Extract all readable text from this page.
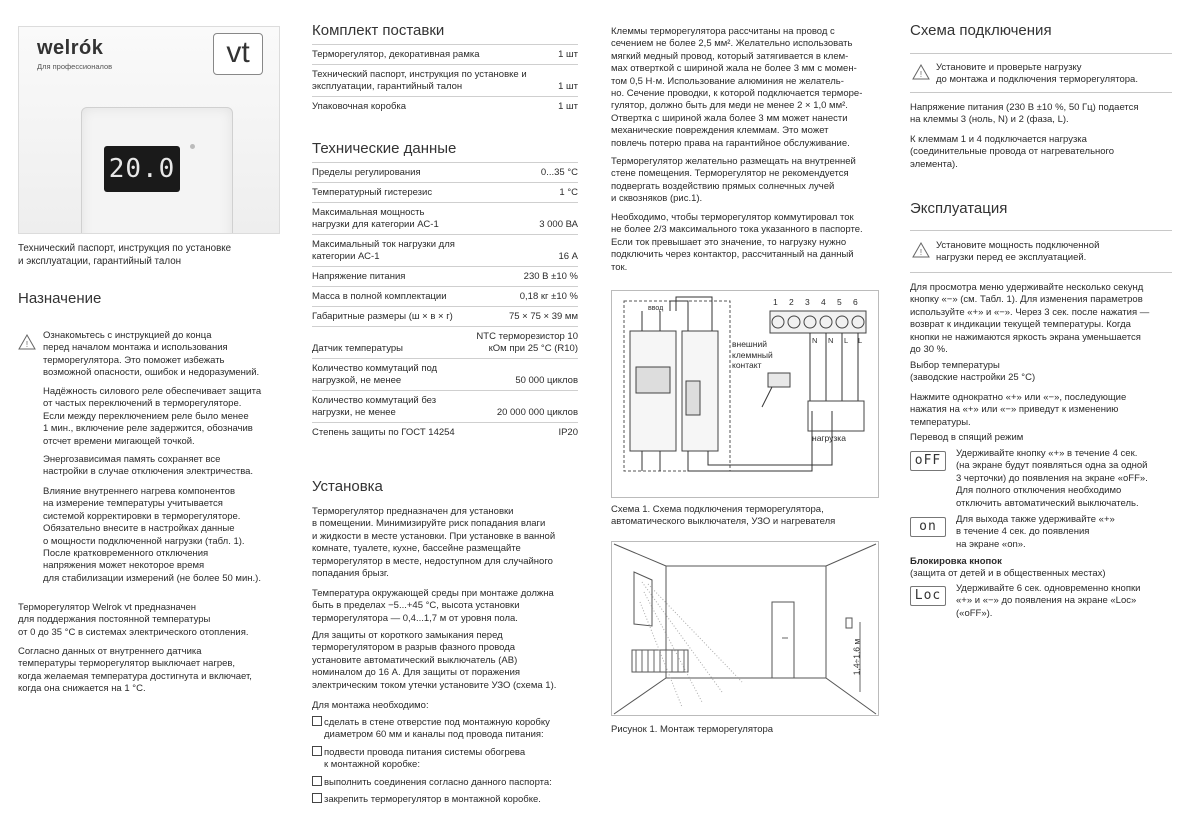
welrók
Для профессионалов	vt
20.0

Технический паспорт, инструкция по установке

и эксплуатации, гарантийный талон

Назначение
!

Ознакомьтесь с инструкцией до конца

перед началом монтажа и использования

терморегулятора. Это поможет избежать

возможной опасности, ошибок и недоразумений.

Надёжность силового реле обеспечивает защита

от частых переключений в терморегуляторе.

Если между переключением реле было менее

1 мин., включение реле задержится, обозначив

отсчет времени мигающей точкой.

Энергозависимая память сохраняет все

настройки в случае отключения электричества.

Влияние внутреннего нагрева компонентов

на измерение температуры учитывается

системой корректировки в терморегуляторе.

Обязательно внесите в настройках данные

о мощности подключенной нагрузки (табл. 1).

После кратковременного отключения

напряжения может некоторое время

для стабилизации измерений (не более 50 мин.).

Терморегулятор Welrok vt предназначен

для поддержания постоянной температуры

от 0 до 35 °C в системах электрического отопления.

Согласно данных от внутреннего датчика

температуры терморегулятор выключает нагрев,

когда желаемая температура достигнута и включает,

когда она снижается на 1 °C.

Комплект поставки
Терморегулятор, декоративная рамка	1 шт
Технический паспорт, инструкция по установке и эксплуатации, гарантийный талон	1 шт
Упаковочная коробка	1 шт
Технические данные
Пределы регулирования	0...35 °C
Температурный гистерезис	1 °C
Максимальная мощность нагрузки для категории АС-1	3 000 ВА
Максимальный ток нагрузки для категории АС-1	16 А
Напряжение питания	230 В ±10 %
Масса в полной комплектации	0,18 кг ±10 %
Габаритные размеры (ш × в × г)	75 × 75 × 39 мм
Датчик температуры	NTC терморезистор 10 кОм при 25 °C (R10)
Количество коммутаций под нагрузкой, не менее	50 000 циклов
Количество коммутаций без нагрузки, не менее	20 000 000 циклов
Степень защиты по ГОСТ 14254	IP20
Установка

Терморегулятор предназначен для установки

в помещении. Минимизируйте риск попадания влаги

и жидкости в месте установки. При установке в ванной

комнате, туалете, кухне, бассейне размещайте

терморегулятор в месте, недоступном для случайного

попадания брызг.

Температура окружающей среды при монтаже должна

быть в пределах −5...+45 °C, высота установки

терморегулятора — 0,4...1,7 м от уровня пола.

Для защиты от короткого замыкания перед

терморегулятором в разрыв фазного провода

установите автоматический выключатель (АВ)

номиналом до 16 А. Для защиты от поражения

электрическим током утечки установите УЗО (схема 1).

Для монтажа необходимо:
сделать в стене отверстие под монтажную коробку
диаметром 60 мм и каналы под провода питания:
подвести провода питания системы обогрева
к монтажной коробке:
выполнить соединения согласно данного паспорта:
закрепить терморегулятор в монтажной коробке.

Клеммы терморегулятора рассчитаны на провод с

сечением не более 2,5 мм². Желательно использовать

мягкий медный провод, который затягивается в клем-

мах отверткой с шириной жала не более 3 мм с момен-

том 0,5 Н·м. Использование алюминия не желатель-

но. Сечение проводки, к которой подключается терморе-

гулятор, должно быть для меди не менее 2 × 1,0 мм².

Отвертка с шириной жала более 3 мм может нанести

механические повреждения клеммам. Это может

повлечь потерю права на гарантийное обслуживание.

Терморегулятор желательно размещать на внутренней

стене помещения. Терморегулятор не рекомендуется

подвергать воздействию прямых солнечных лучей

и сквозняков (рис.1).

Необходимо, чтобы терморегулятор коммутировал ток

не более 2/3 максимального тока указанного в паспорте.

Если ток превышает это значение, то нагрузку нужно

подключить через контактор, рассчитанный на данный

ток.

ввод
1 2 3 4 5 6
N N L L

внешний

клеммный

контакт

нагрузка

Схема 1. Схема подключения терморегулятора,

автоматического выключателя, УЗО и нагревателя

1,4÷1,6 м
Рисунок 1. Монтаж терморегулятора
Схема подключения
!

Установите и проверьте нагрузку

до монтажа и подключения терморегулятора.

Напряжение питания (230 В ±10 %, 50 Гц) подается

на клеммы 3 (ноль, N) и 2 (фаза, L).

К клеммам 1 и 4 подключается нагрузка

(соединительные провода от нагревательного

элемента).

Эксплуатация
!

Установите мощность подключенной

нагрузки перед ее эксплуатацией.

Для просмотра меню удерживайте несколько секунд

кнопку «−» (см. Табл. 1). Для изменения параметров

используйте «+» и «−». Через 3 сек. после нажатия —

возврат к индикации текущей температуры. Когда

кнопки не нажимаются яркость экрана уменьшается

до 30 %.

Выбор температуры

(заводские настройки 25 °C)

Нажмите однократно «+» или «−», последующие

нажатия на «+» или «−» приведут к изменению

температуры.

Перевод в спящий режим
oFF	Удерживайте кнопку «+» в течение 4 сек.

(на экране будут появляться одна за одной

3 черточки) до появления на экране «oFF».

Для полного отключения необходимо

отключить автоматический выключатель.

on	Для выхода также удерживайте «+»

в течение 4 сек. до появления

на экране «on».

Блокировка кнопок
(защита от детей и в общественных местах)
Loc	Удерживайте 6 сек. одновременно кнопки

«+» и «−» до появления на экране «Loc»

(«oFF»).
